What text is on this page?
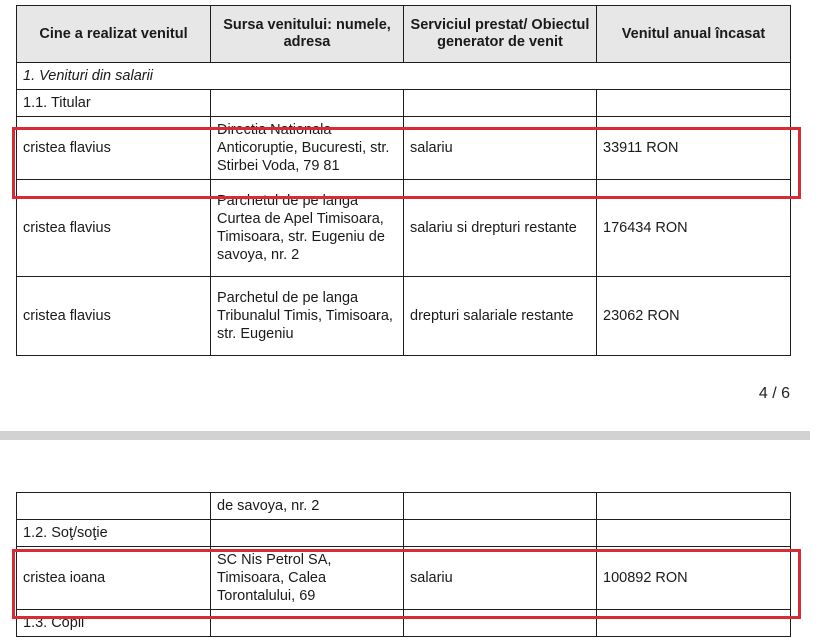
Cine a realizat venitul	Sursa venitului: numele, adresa	Serviciul prestat/ Obiectul generator de venit	Venitul anual încasat
1. Venituri din salarii			
1.1. Titular			
cristea flavius	Directia Nationala Anticoruptie, Bucuresti, str. Stirbei Voda, 79 81	salariu	33911 RON
cristea flavius	Parchetul de pe langa Curtea de Apel Timisoara, Timisoara, str. Eugeniu de savoya, nr. 2	salariu si drepturi restante	176434 RON
cristea flavius	Parchetul de pe langa Tribunalul Timis, Timisoara, str. Eugeniu	drepturi salariale restante	23062 RON
4 / 6
	de savoya, nr. 2		
1.2. Soţ/soţie			
cristea ioana	SC Nis Petrol SA, Timisoara, Calea Torontalului, 69	salariu	100892 RON
1.3. Copii			
